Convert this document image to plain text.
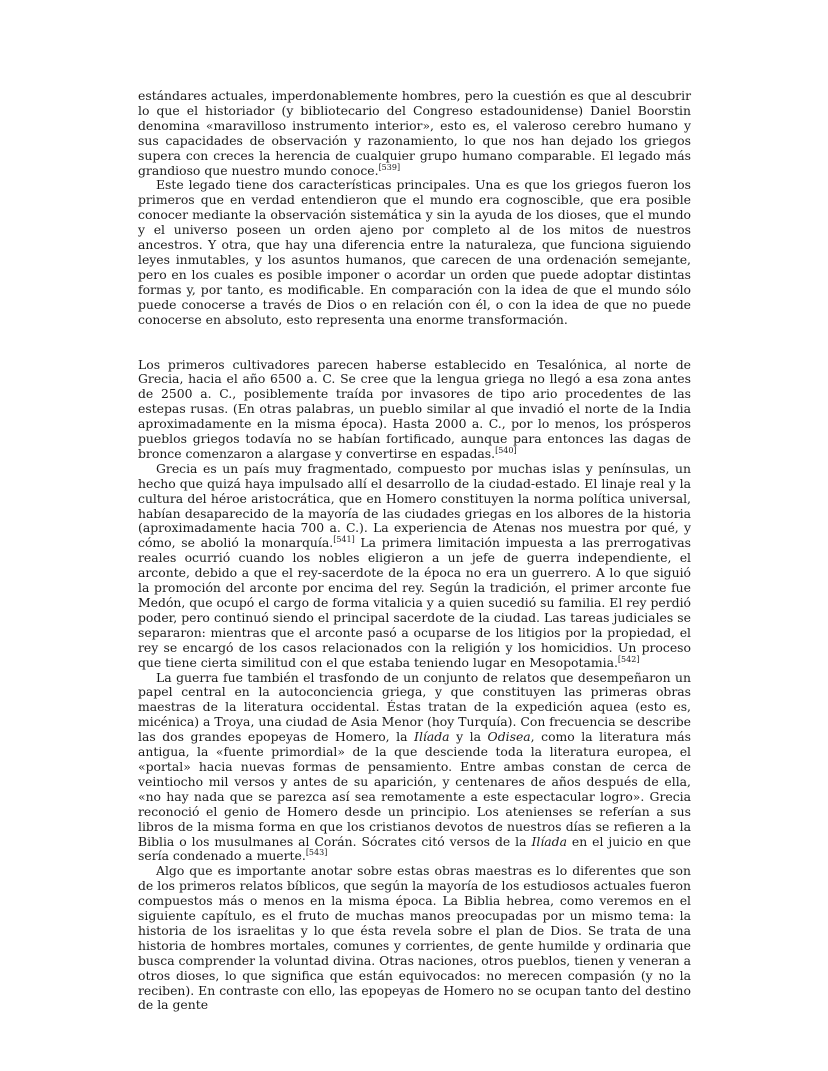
estándares actuales, imperdonablemente hombres, pero la cuestión es que al descubrir lo que el historiador (y bibliotecario del Congreso estadounidense) Daniel Boorstin denomina «maravilloso instrumento interior», esto es, el valeroso cerebro humano y sus capacidades de observación y razonamiento, lo que nos han dejado los griegos supera con creces la herencia de cualquier grupo humano comparable. El legado más grandioso que nuestro mundo conoce.[539]

Este legado tiene dos características principales. Una es que los griegos fueron los primeros que en verdad entendieron que el mundo era cognoscible, que era posible conocer mediante la observación sistemática y sin la ayuda de los dioses, que el mundo y el universo poseen un orden ajeno por completo al de los mitos de nuestros ancestros. Y otra, que hay una diferencia entre la naturaleza, que funciona siguiendo leyes inmutables, y los asuntos humanos, que carecen de una ordenación semejante, pero en los cuales es posible imponer o acordar un orden que puede adoptar distintas formas y, por tanto, es modificable. En comparación con la idea de que el mundo sólo puede conocerse a través de Dios o en relación con él, o con la idea de que no puede conocerse en absoluto, esto representa una enorme transformación.

Los primeros cultivadores parecen haberse establecido en Tesalónica, al norte de Grecia, hacia el año 6500 a. C. Se cree que la lengua griega no llegó a esa zona antes de 2500 a. C., posiblemente traída por invasores de tipo ario procedentes de las estepas rusas. (En otras palabras, un pueblo similar al que invadió el norte de la India aproximadamente en la misma época). Hasta 2000 a. C., por lo menos, los prósperos pueblos griegos todavía no se habían fortificado, aunque para entonces las dagas de bronce comenzaron a alargase y convertirse en espadas.[540]

Grecia es un país muy fragmentado, compuesto por muchas islas y penínsulas, un hecho que quizá haya impulsado allí el desarrollo de la ciudad-estado. El linaje real y la cultura del héroe aristocrática, que en Homero constituyen la norma política universal, habían desaparecido de la mayoría de las ciudades griegas en los albores de la historia (aproximadamente hacia 700 a. C.). La experiencia de Atenas nos muestra por qué, y cómo, se abolió la monarquía.[541] La primera limitación impuesta a las prerrogativas reales ocurrió cuando los nobles eligieron a un jefe de guerra independiente, el arconte, debido a que el rey-sacerdote de la época no era un guerrero. A lo que siguió la promoción del arconte por encima del rey. Según la tradición, el primer arconte fue Medón, que ocupó el cargo de forma vitalicia y a quien sucedió su familia. El rey perdió poder, pero continuó siendo el principal sacerdote de la ciudad. Las tareas judiciales se separaron: mientras que el arconte pasó a ocuparse de los litigios por la propiedad, el rey se encargó de los casos relacionados con la religión y los homicidios. Un proceso que tiene cierta similitud con el que estaba teniendo lugar en Mesopotamia.[542]

La guerra fue también el trasfondo de un conjunto de relatos que desempeñaron un papel central en la autoconciencia griega, y que constituyen las primeras obras maestras de la literatura occidental. Éstas tratan de la expedición aquea (esto es, micénica) a Troya, una ciudad de Asia Menor (hoy Turquía). Con frecuencia se describe las dos grandes epopeyas de Homero, la Ilíada y la Odisea, como la literatura más antigua, la «fuente primordial» de la que desciende toda la literatura europea, el «portal» hacia nuevas formas de pensamiento. Entre ambas constan de cerca de veintiocho mil versos y antes de su aparición, y centenares de años después de ella, «no hay nada que se parezca así sea remotamente a este espectacular logro». Grecia reconoció el genio de Homero desde un principio. Los atenienses se referían a sus libros de la misma forma en que los cristianos devotos de nuestros días se refieren a la Biblia o los musulmanes al Corán. Sócrates citó versos de la Ilíada en el juicio en que sería condenado a muerte.[543]

Algo que es importante anotar sobre estas obras maestras es lo diferentes que son de los primeros relatos bíblicos, que según la mayoría de los estudiosos actuales fueron compuestos más o menos en la misma época. La Biblia hebrea, como veremos en el siguiente capítulo, es el fruto de muchas manos preocupadas por un mismo tema: la historia de los israelitas y lo que ésta revela sobre el plan de Dios. Se trata de una historia de hombres mortales, comunes y corrientes, de gente humilde y ordinaria que busca comprender la voluntad divina. Otras naciones, otros pueblos, tienen y veneran a otros dioses, lo que significa que están equivocados: no merecen compasión (y no la reciben). En contraste con ello, las epopeyas de Homero no se ocupan tanto del destino de la gente
